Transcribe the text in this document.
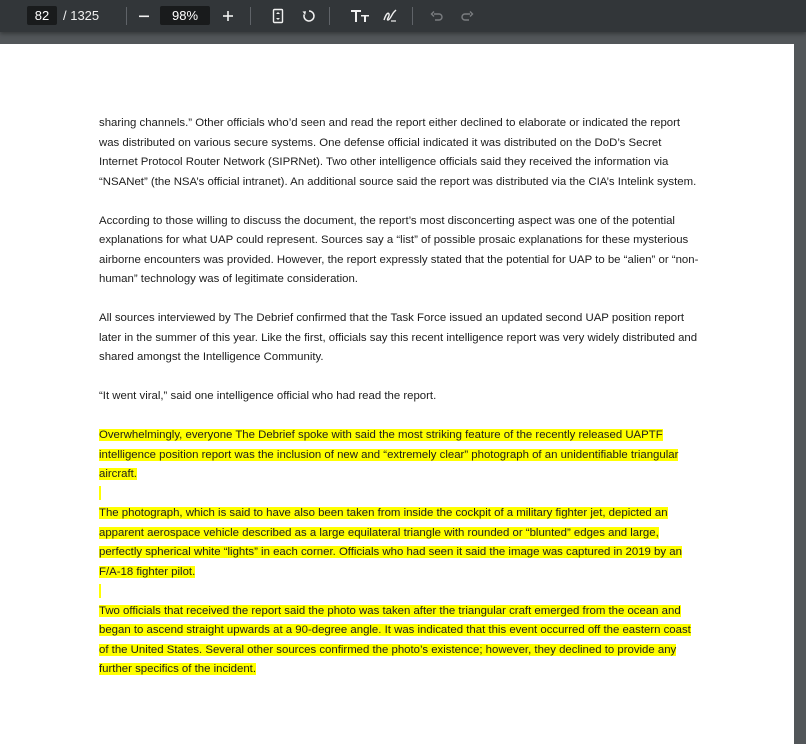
82
/ 1325
98%

sharing channels.” Other officials who’d seen and read the report either declined to elaborate or indicated the report was distributed on various secure systems. One defense official indicated it was distributed on the DoD’s Secret Internet Protocol Router Network (SIPRNet). Two other intelligence officials said they received the information via “NSANet” (the NSA’s official intranet). An additional source said the report was distributed via the CIA’s Intelink system.

According to those willing to discuss the document, the report’s most disconcerting aspect was one of the potential explanations for what UAP could represent. Sources say a “list” of possible prosaic explanations for these mysterious airborne encounters was provided. However, the report expressly stated that the potential for UAP to be “alien” or “non-human” technology was of legitimate consideration.

All sources interviewed by The Debrief confirmed that the Task Force issued an updated second UAP position report later in the summer of this year. Like the first, officials say this recent intelligence report was very widely distributed and shared amongst the Intelligence Community.

“It went viral,” said one intelligence official who had read the report.

Overwhelmingly, everyone The Debrief spoke with said the most striking feature of the recently released UAPTF intelligence position report was the inclusion of new and “extremely clear” photograph of an unidentifiable triangular aircraft.
The photograph, which is said to have also been taken from inside the cockpit of a military fighter jet, depicted an apparent aerospace vehicle described as a large equilateral triangle with rounded or “blunted” edges and large, perfectly spherical white “lights” in each corner. Officials who had seen it said the image was captured in 2019 by an F/A-18 fighter pilot.
Two officials that received the report said the photo was taken after the triangular craft emerged from the ocean and began to ascend straight upwards at a 90-degree angle. It was indicated that this event occurred off the eastern coast of the United States. Several other sources confirmed the photo’s existence; however, they declined to provide any further specifics of the incident.
